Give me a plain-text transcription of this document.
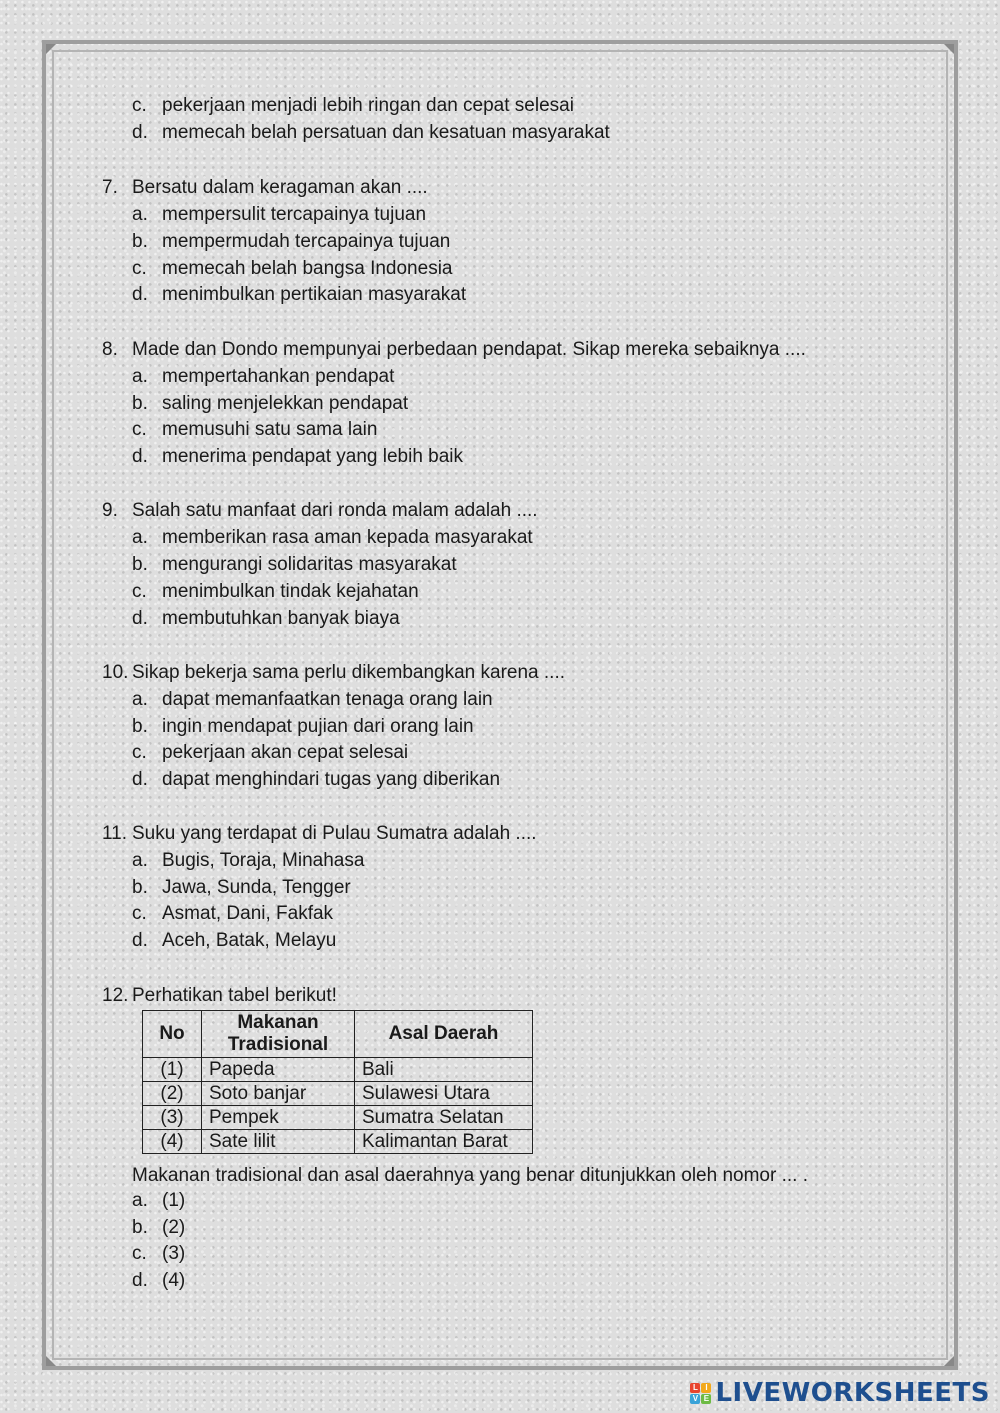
c. pekerjaan menjadi lebih ringan dan cepat selesai
d. memecah belah persatuan dan kesatuan masyarakat
7. Bersatu dalam keragaman akan ....
a. mempersulit tercapainya tujuan
b. mempermudah tercapainya tujuan
c. memecah belah bangsa Indonesia
d. menimbulkan pertikaian masyarakat
8. Made dan Dondo mempunyai perbedaan pendapat. Sikap mereka sebaiknya ....
a. mempertahankan pendapat
b. saling menjelekkan pendapat
c. memusuhi satu sama lain
d. menerima pendapat yang lebih baik
9. Salah satu manfaat dari ronda malam adalah ....
a. memberikan rasa aman kepada masyarakat
b. mengurangi solidaritas masyarakat
c. menimbulkan tindak kejahatan
d. membutuhkan banyak biaya
10. Sikap bekerja sama perlu dikembangkan karena ....
a. dapat memanfaatkan tenaga orang lain
b. ingin mendapat pujian dari orang lain
c. pekerjaan akan cepat selesai
d. dapat menghindari tugas yang diberikan
11. Suku yang terdapat di Pulau Sumatra adalah ....
a. Bugis, Toraja, Minahasa
b. Jawa, Sunda, Tengger
c. Asmat, Dani, Fakfak
d. Aceh, Batak, Melayu
12. Perhatikan tabel berikut!
No	Makanan Tradisional	Asal Daerah
(1)	Papeda	Bali
(2)	Soto banjar	Sulawesi Utara
(3)	Pempek	Sumatra Selatan
(4)	Sate lilit	Kalimantan Barat
Makanan tradisional dan asal daerahnya yang benar ditunjukkan oleh nomor ... .
a. (1)
b. (2)
c. (3)
d. (4)
L I
V E LIVEWORKSHEETS
